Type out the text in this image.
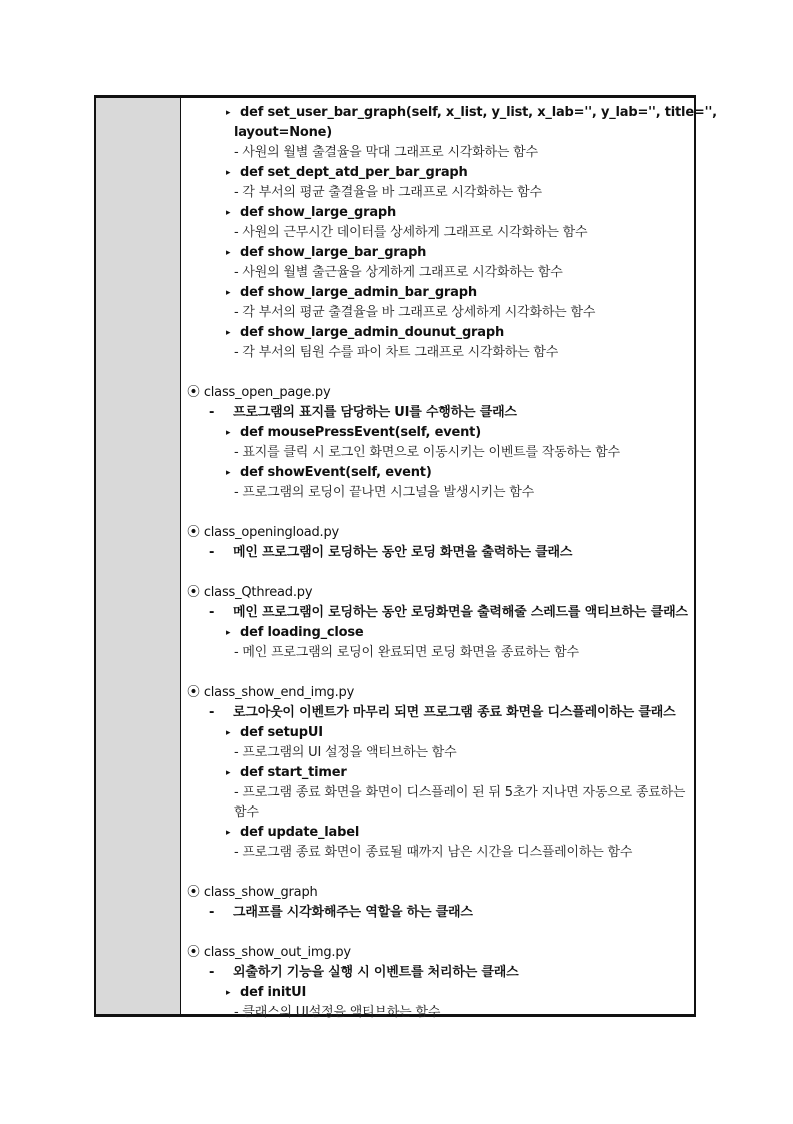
▸ def set_user_bar_graph(self, x_list, y_list, x_lab='', y_lab='', title='',
layout=None)
- 사원의 월별 출결율을 막대 그래프로 시각화하는 함수
▸ def set_dept_atd_per_bar_graph
- 각 부서의 평균 출결율을 바 그래프로 시각화하는 함수
▸ def show_large_graph
- 사원의 근무시간 데이터를 상세하게 그래프로 시각화하는 함수
▸ def show_large_bar_graph
- 사원의 월별 출근율을 상게하게 그래프로 시각화하는 함수
▸ def show_large_admin_bar_graph
- 각 부서의 평균 출결율을 바 그래프로 상세하게 시각화하는 함수
▸ def show_large_admin_dounut_graph
- 각 부서의 팀원 수를 파이 차트 그래프로 시각화하는 함수
⦿ class_open_page.py
- 프로그램의 표지를 담당하는 UI를 수행하는 클래스
▸ def mousePressEvent(self, event)
- 표지를 클릭 시 로그인 화면으로 이동시키는 이벤트를 작동하는 함수
▸ def showEvent(self, event)
- 프로그램의 로딩이 끝나면 시그널을 발생시키는 함수
⦿ class_openingload.py
- 메인 프로그램이 로딩하는 동안 로딩 화면을 출력하는 클래스
⦿ class_Qthread.py
- 메인 프로그램이 로딩하는 동안 로딩화면을 출력해줄 스레드를 액티브하는 클래스
▸ def loading_close
- 메인 프로그램의 로딩이 완료되면 로딩 화면을 종료하는 함수
⦿ class_show_end_img.py
- 로그아웃이 이벤트가 마무리 되면 프로그램 종료 화면을 디스플레이하는 클래스
▸ def setupUI
- 프로그램의 UI 설정을 액티브하는 함수
▸ def start_timer
- 프로그램 종료 화면을 화면이 디스플레이 된 뒤 5초가 지나면 자동으로 종료하는
함수
▸ def update_label
- 프로그램 종료 화면이 종료될 때까지 남은 시간을 디스플레이하는 함수
⦿ class_show_graph
- 그래프를 시각화해주는 역할을 하는 클래스
⦿ class_show_out_img.py
- 외출하기 기능을 실행 시 이벤트를 처리하는 클래스
▸ def initUI
- 클래스의 UI설정을 액티브하는 함수
